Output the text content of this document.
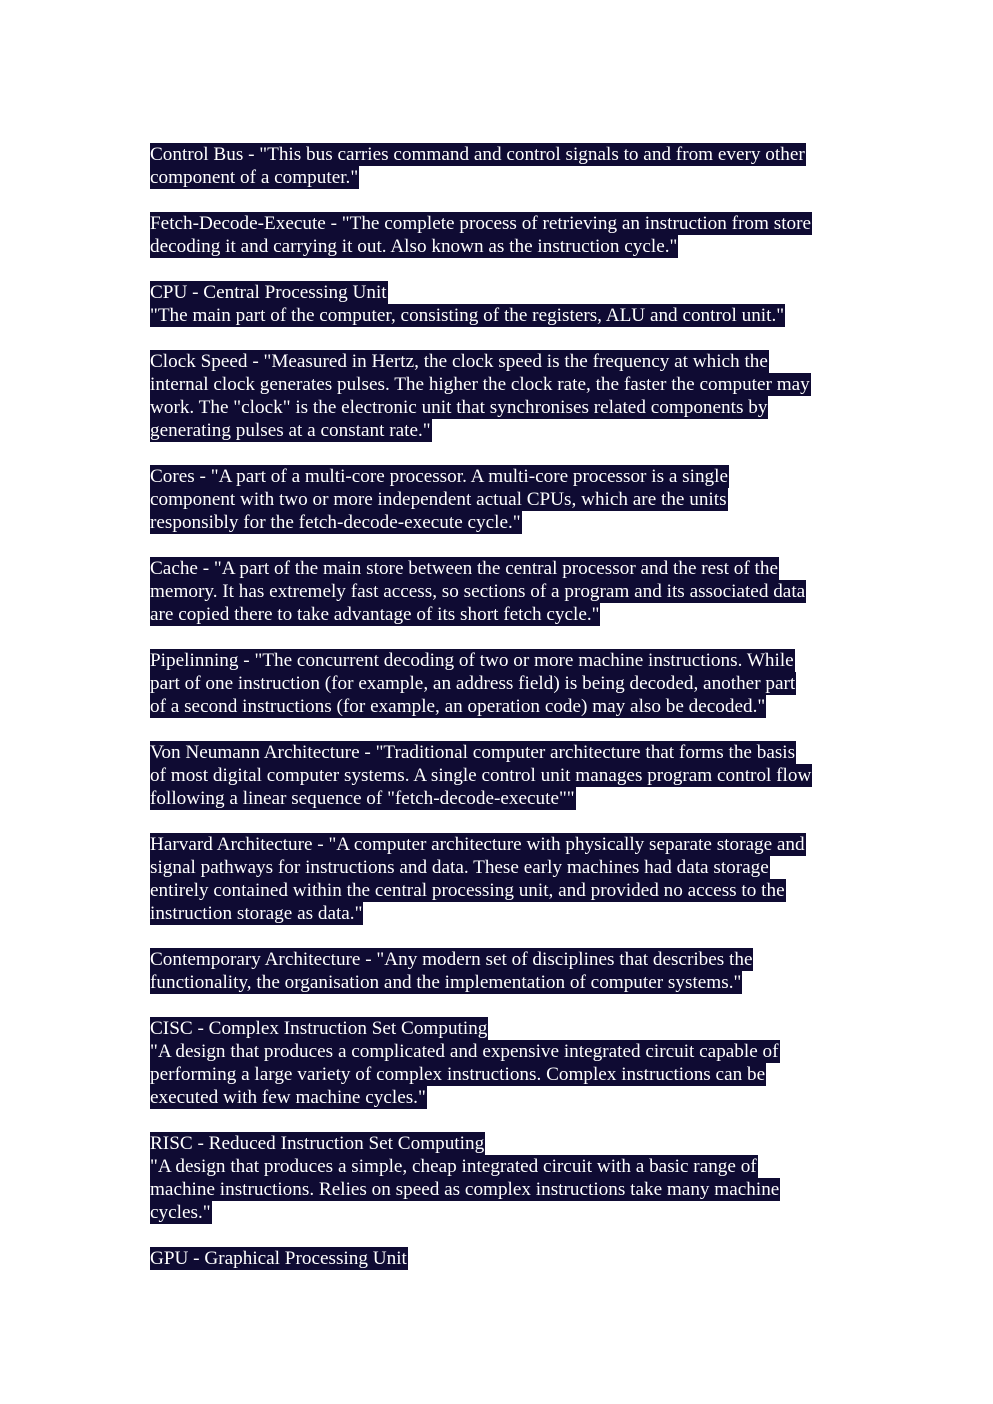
Control Bus - "This bus carries command and control signals to and from every other
component of a computer."
Fetch-Decode-Execute - "The complete process of retrieving an instruction from store
decoding it and carrying it out. Also known as the instruction cycle."
CPU - Central Processing Unit
"The main part of the computer, consisting of the registers, ALU and control unit."
Clock Speed - "Measured in Hertz, the clock speed is the frequency at which the
internal clock generates pulses. The higher the clock rate, the faster the computer may
work. The "clock" is the electronic unit that synchronises related components by
generating pulses at a constant rate."
Cores - "A part of a multi-core processor. A multi-core processor is a single
component with two or more independent actual CPUs, which are the units
responsibly for the fetch-decode-execute cycle."
Cache - "A part of the main store between the central processor and the rest of the
memory. It has extremely fast access, so sections of a program and its associated data
are copied there to take advantage of its short fetch cycle."
Pipelinning - "The concurrent decoding of two or more machine instructions. While
part of one instruction (for example, an address field) is being decoded, another part
of a second instructions (for example, an operation code) may also be decoded."
Von Neumann Architecture - "Traditional computer architecture that forms the basis
of most digital computer systems. A single control unit manages program control flow
following a linear sequence of "fetch-decode-execute""
Harvard Architecture - "A computer architecture with physically separate storage and
signal pathways for instructions and data. These early machines had data storage
entirely contained within the central processing unit, and provided no access to the
instruction storage as data."
Contemporary Architecture - "Any modern set of disciplines that describes the
functionality, the organisation and the implementation of computer systems."
CISC - Complex Instruction Set Computing
"A design that produces a complicated and expensive integrated circuit capable of
performing a large variety of complex instructions. Complex instructions can be
executed with few machine cycles."
RISC - Reduced Instruction Set Computing
"A design that produces a simple, cheap integrated circuit with a basic range of
machine instructions. Relies on speed as complex instructions take many machine
cycles."
GPU - Graphical Processing Unit
